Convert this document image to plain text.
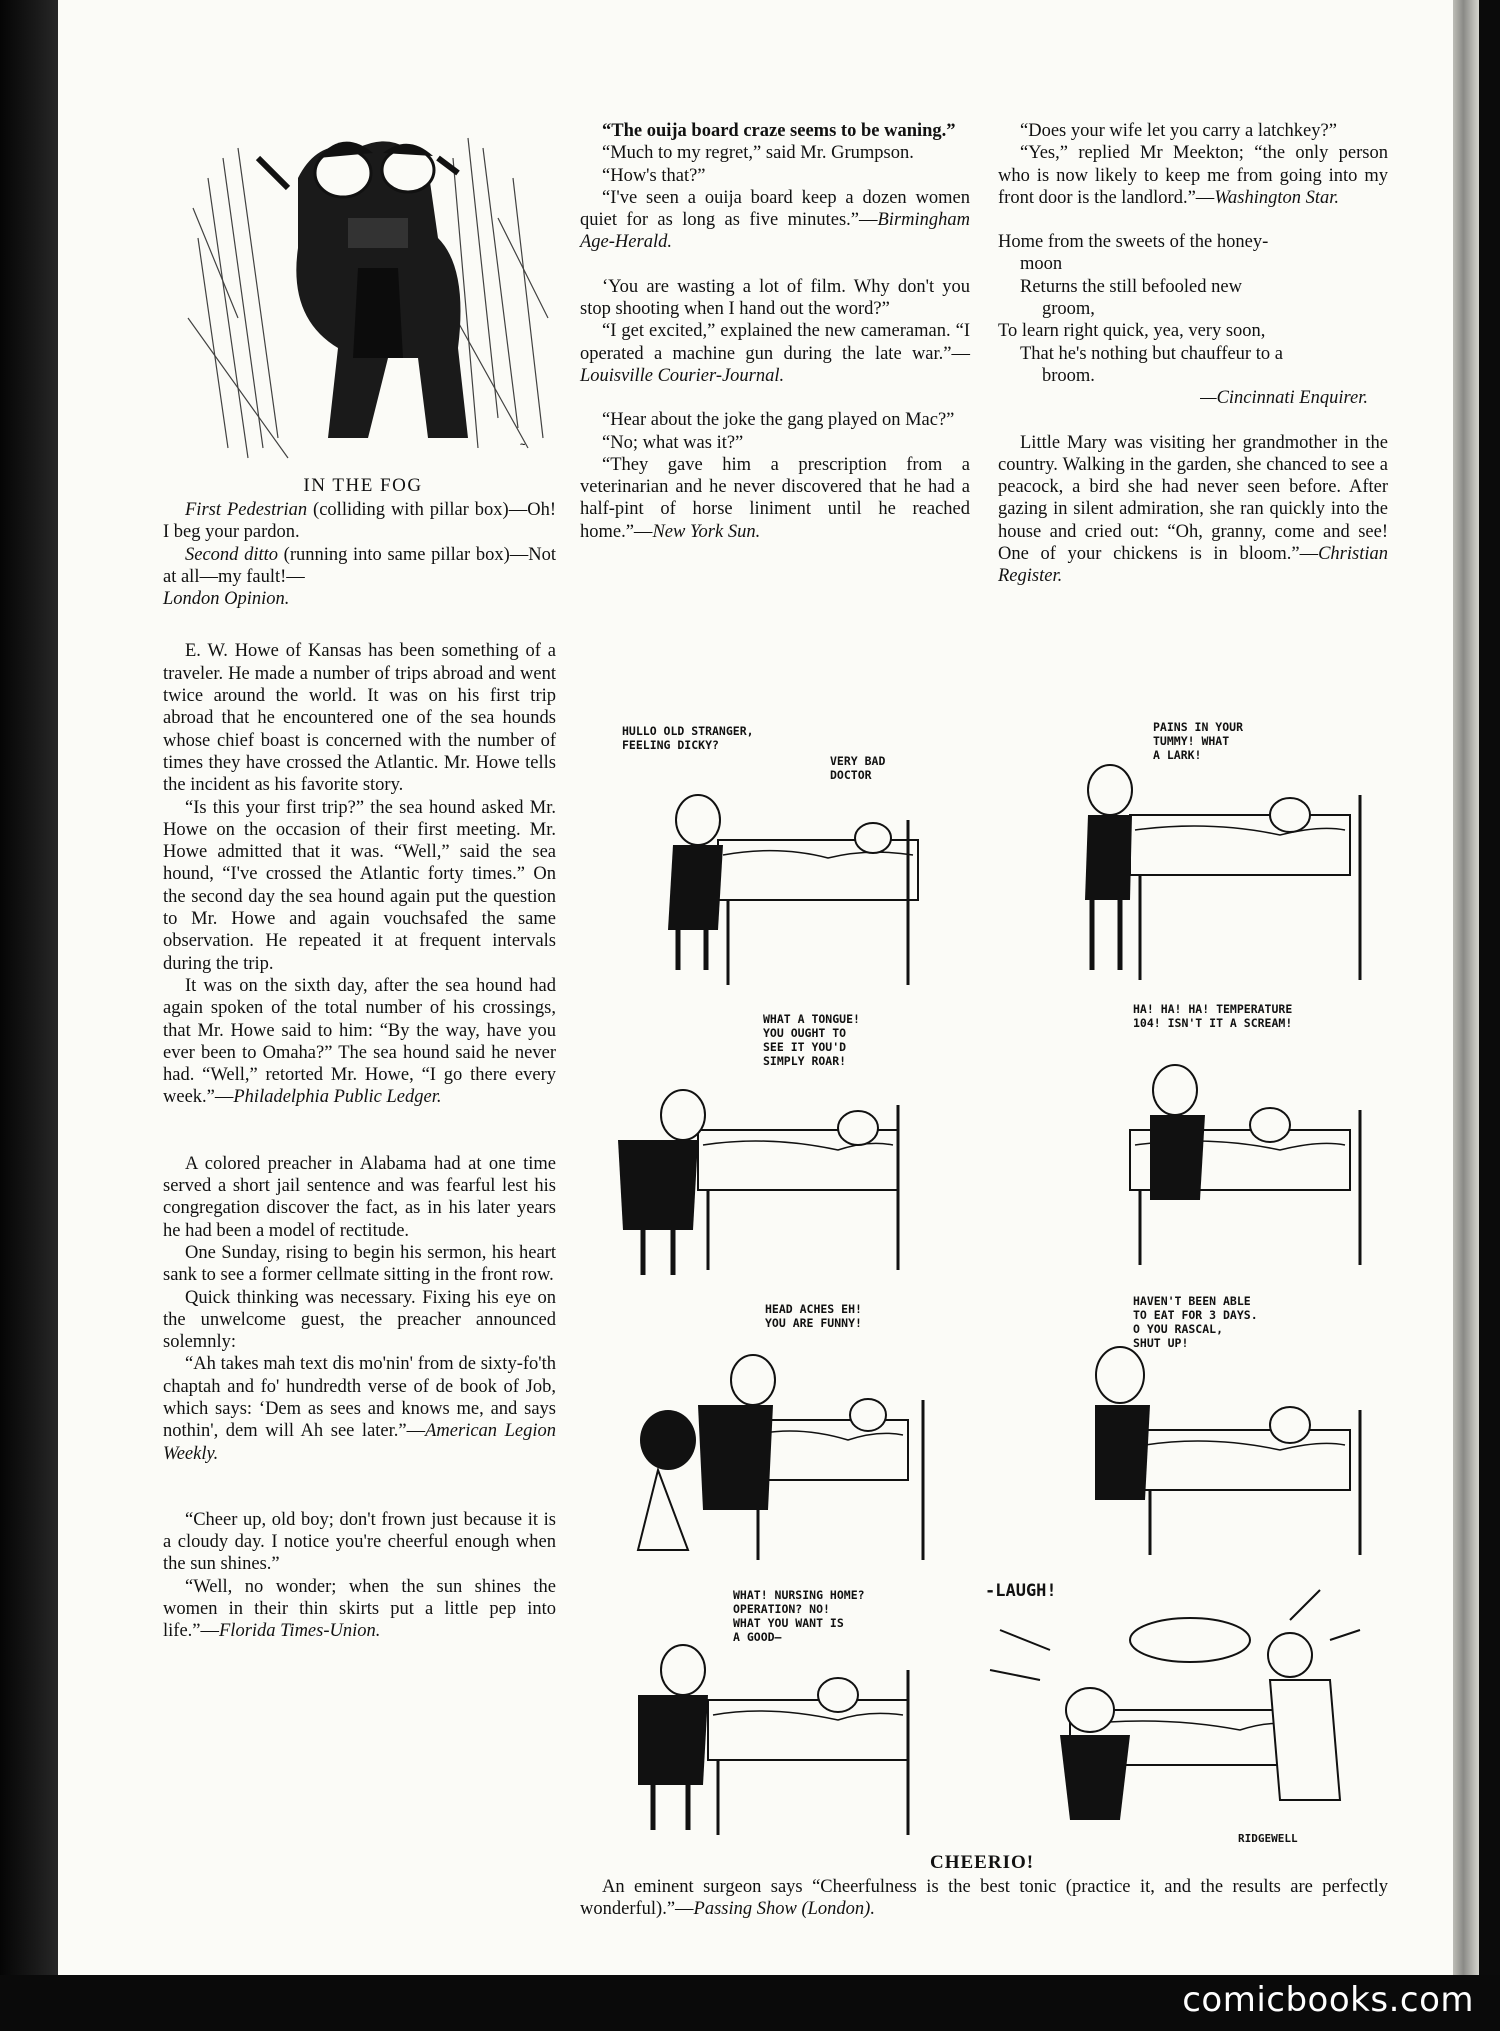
comicbooks.com
~
IN THE FOG

First Pedestrian (colliding with pillar box)—Oh! I beg your pardon.

Second ditto (running into same pillar box)—Not at all—my fault!—

London Opinion.

E. W. Howe of Kansas has been something of a traveler. He made a number of trips abroad and went twice around the world. It was on his first trip abroad that he encountered one of the sea hounds whose chief boast is concerned with the number of times they have crossed the Atlantic. Mr. Howe tells the incident as his favorite story.

“Is this your first trip?” the sea hound asked Mr. Howe on the occasion of their first meeting. Mr. Howe admitted that it was. “Well,” said the sea hound, “I've crossed the Atlantic forty times.” On the second day the sea hound again put the question to Mr. Howe and again vouchsafed the same observation. He repeated it at frequent intervals during the trip.

It was on the sixth day, after the sea hound had again spoken of the total number of his crossings, that Mr. Howe said to him: “By the way, have you ever been to Omaha?” The sea hound said he never had. “Well,” retorted Mr. Howe, “I go there every week.”—Philadelphia Public Ledger.

A colored preacher in Alabama had at one time served a short jail sentence and was fearful lest his congregation discover the fact, as in his later years he had been a model of rectitude.

One Sunday, rising to begin his sermon, his heart sank to see a former cellmate sitting in the front row.

Quick thinking was necessary. Fixing his eye on the unwelcome guest, the preacher announced solemnly:

“Ah takes mah text dis mo'nin' from de sixty-fo'th chaptah and fo' hundredth verse of de book of Job, which says: ‘Dem as sees and knows me, and says nothin', dem will Ah see later.”—American Legion Weekly.

“Cheer up, old boy; don't frown just because it is a cloudy day. I notice you're cheerful enough when the sun shines.”

“Well, no wonder; when the sun shines the women in their thin skirts put a little pep into life.”—Florida Times-Union.

“The ouija board craze seems to be waning.”

“Much to my regret,” said Mr. Grumpson.

“How's that?”

“I've seen a ouija board keep a dozen women quiet for as long as five minutes.”—Birmingham Age-Herald.

‘You are wasting a lot of film. Why don't you stop shooting when I hand out the word?”

“I get excited,” explained the new cameraman. “I operated a machine gun during the late war.”—Louisville Courier-Journal.

“Hear about the joke the gang played on Mac?”

“No; what was it?”

“They gave him a prescription from a veterinarian and he never discovered that he had a half-pint of horse liniment until he reached home.”—New York Sun.

“Does your wife let you carry a latchkey?”

“Yes,” replied Mr Meekton; “the only person who is now likely to keep me from going into my front door is the landlord.”—Washington Star.

Home from the sweets of the honey-
moon
Returns the still befooled new
groom,
To learn right quick, yea, very soon,
That he's nothing but chauffeur to a
broom.
—Cincinnati Enquirer.

Little Mary was visiting her grandmother in the country. Walking in the garden, she chanced to see a peacock, a bird she had never seen before. After gazing in silent admiration, she ran quickly into the house and cried out: “Oh, granny, come and see! One of your chickens is in bloom.”—Christian Register.

HULLO OLD STRANGER,
FEELING DICKY?
VERY BAD
DOCTOR
PAINS IN YOUR
TUMMY! WHAT
A LARK!
WHAT A TONGUE!
YOU OUGHT TO
SEE IT YOU'D
SIMPLY ROAR!
HA! HA! HA! TEMPERATURE
104! ISN'T IT A SCREAM!
HEAD ACHES EH!
YOU ARE FUNNY!
HAVEN'T BEEN ABLE
TO EAT FOR 3 DAYS.
O YOU RASCAL,
SHUT UP!
WHAT! NURSING HOME?
OPERATION? NO!
WHAT YOU WANT IS
A GOOD—
-LAUGH!
RIDGEWELL
CHEERIO!
An eminent surgeon says “Cheerfulness is the best tonic (practice it, and the results are perfectly wonderful).”—Passing Show (London).
